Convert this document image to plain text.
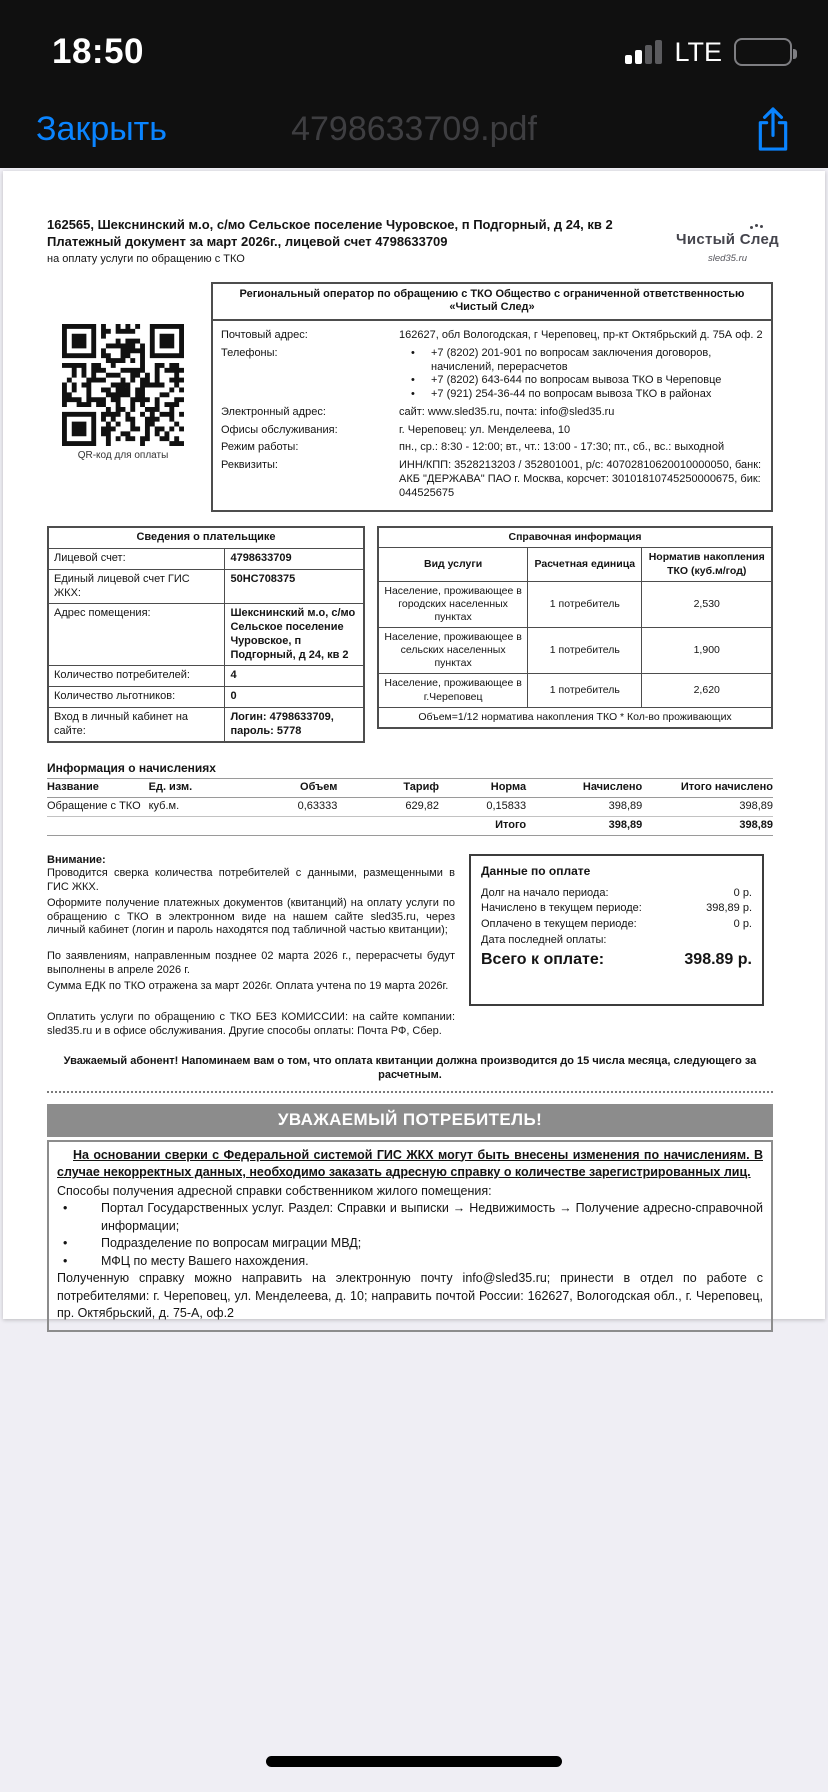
18:50	LTE
Закрыть	4798633709.pdf
162565, Шекснинский м.о, с/мо Сельское поселение Чуровское, п Подгорный, д 24, кв 2
Платежный документ за март 2026г., лицевой счет 4798633709
на оплату услуги по обращению с ТКО
Чистый След
sled35.ru
QR-код для оплаты
Региональный оператор по обращению с ТКО Общество с ограниченной ответственностью «Чистый След»
Почтовый адрес:	162627, обл Вологодская, г Череповец, пр-кт Октябрьский д. 75А оф. 2
Телефоны:	• +7 (8202) 201-901 по вопросам заключения договоров, начислений, перерасчетов
• +7 (8202) 643-644 по вопросам вывоза ТКО в Череповце
• +7 (921) 254-36-44 по вопросам вывоза ТКО в районах
Электронный адрес:	сайт: www.sled35.ru, почта: info@sled35.ru
Офисы обслуживания:	г. Череповец: ул. Менделеева, 10
Режим работы:	пн., ср.: 8:30 - 12:00; вт., чт.: 13:00 - 17:30; пт., сб., вс.: выходной
Реквизиты:	ИНН/КПП: 3528213203 / 352801001, р/с: 40702810620010000050, банк: АКБ "ДЕРЖАВА" ПАО г. Москва, корсчет: 30101810745250000675, бик: 044525675
Сведения о плательщике	
Лицевой счет:	4798633709
Единый лицевой счет ГИС ЖКХ:	50НС708375
Адрес помещения:	Шекснинский м.о, с/мо Сельское поселение Чуровское, п Подгорный, д 24, кв 2
Количество потребителей:	4
Количество льготников:	0
Вход в личный кабинет на сайте:	Логин: 4798633709, пароль: 5778
Справочная информация		
Вид услуги	Расчетная единица	Норматив накопления ТКО (куб.м/год)
Население, проживающее в городских населенных пунктах	1 потребитель	2,530
Население, проживающее в сельских населенных пунктах	1 потребитель	1,900
Население, проживающее в г.Череповец	1 потребитель	2,620
Объем=1/12 норматива накопления ТКО * Кол-во проживающих		
Информация о начислениях
Название	Ед. изм.	Объем	Тариф	Норма	Начислено	Итого начислено
Обращение с ТКО	куб.м.	0,63333	629,82	0,15833	398,89	398,89
				Итого	398,89	398,89
Внимание:

Проводится сверка количества потребителей с данными, размещенными в ГИС ЖКХ.

Оформите получение платежных документов (квитанций) на оплату услуги по обращению с ТКО в электронном виде на нашем сайте sled35.ru, через личный кабинет (логин и пароль находятся под табличной частью квитанции);

По заявлениям, направленным позднее 02 марта 2026 г., перерасчеты будут выполнены в апреле 2026 г.

Сумма ЕДК по ТКО отражена за март 2026г. Оплата учтена по 19 марта 2026г.

Оплатить услуги по обращению с ТКО БЕЗ КОМИССИИ: на сайте компании: sled35.ru и в офисе обслуживания. Другие способы оплаты: Почта РФ, Сбер.

Данные по оплате
Долг на начало периода:	0 р.
Начислено в текущем периоде:	398,89 р.
Оплачено в текущем периоде:	0 р.
Дата последней оплаты:
Всего к оплате:	398.89 р.
Уважаемый абонент! Напоминаем вам о том, что оплата квитанции должна производится до 15 числа месяца, следующего за расчетным.
УВАЖАЕМЫЙ ПОТРЕБИТЕЛЬ!
На основании сверки с Федеральной системой ГИС ЖКХ могут быть внесены изменения по начислениям. В случае некорректных данных, необходимо заказать адресную справку о количестве зарегистрированных лиц.
Способы получения адресной справки собственником жилого помещения:
• Портал Государственных услуг. Раздел: Справки и выписки → Недвижимость → Получение адресно-справочной информации;
• Подразделение по вопросам миграции МВД;
• МФЦ по месту Вашего нахождения.
Полученную справку можно направить на электронную почту info@sled35.ru; принести в отдел по работе с потребителями: г. Череповец, ул. Менделеева, д. 10; направить почтой России: 162627, Вологодская обл., г. Череповец, пр. Октябрьский, д. 75-А, оф.2
